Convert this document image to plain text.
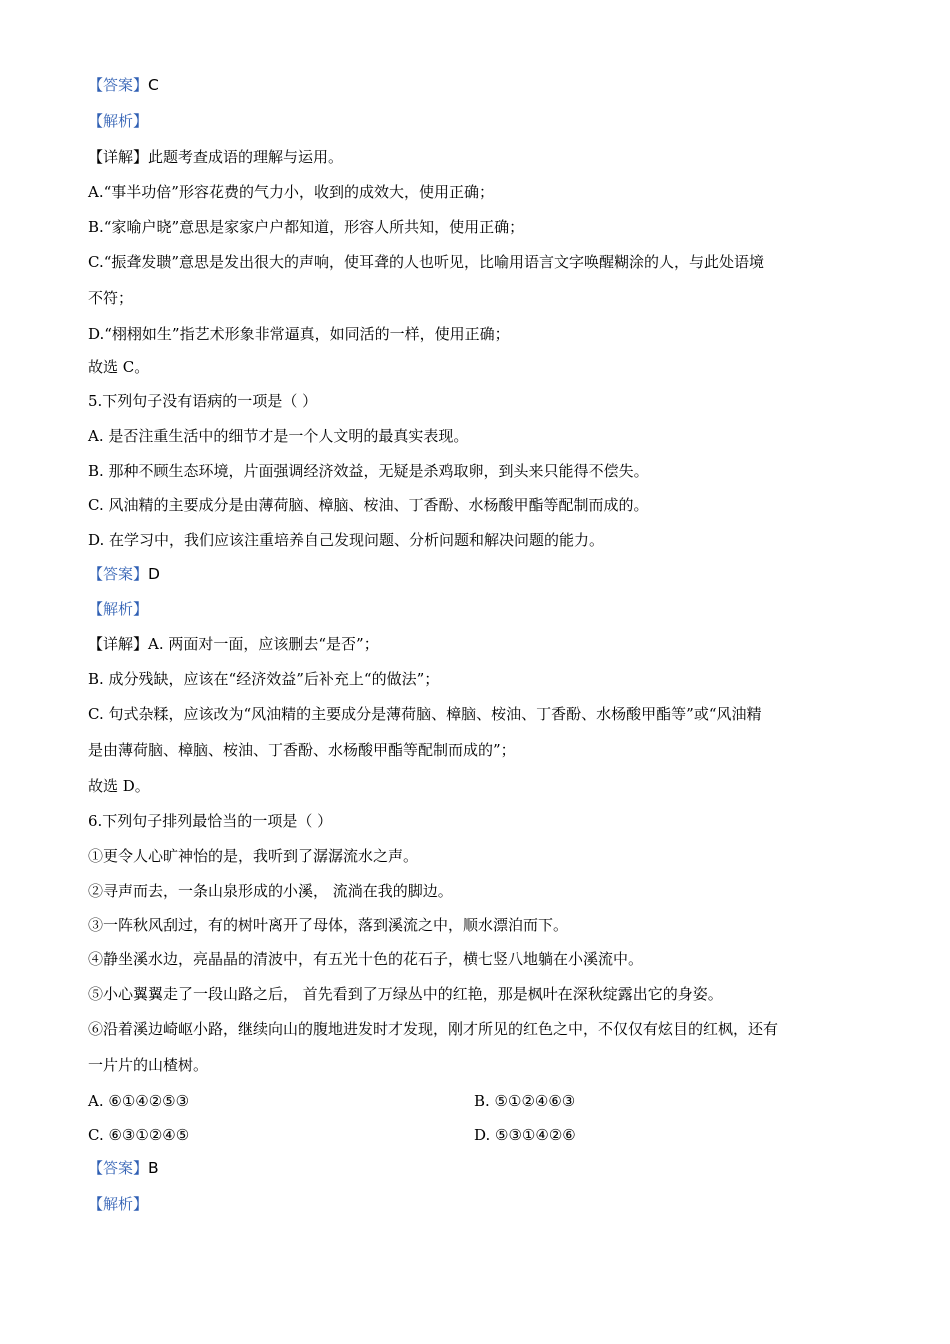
【答案】C
【解析】
【详解】此题考查成语的理解与运用。
A.“事半功倍”形容花费的气力小，收到的成效大，使用正确；
B.“家喻户晓”意思是家家户户都知道，形容人所共知，使用正确；
C.“振聋发聩”意思是发出很大的声响，使耳聋的人也听见，比喻用语言文字唤醒糊涂的人，与此处语境
不符；
D.“栩栩如生”指艺术形象非常逼真，如同活的一样，使用正确；
故选 C。
5.下列句子没有语病的一项是（ ）
A. 是否注重生活中的细节才是一个人文明的最真实表现。
B. 那种不顾生态环境，片面强调经济效益，无疑是杀鸡取卵，到头来只能得不偿失。
C. 风油精的主要成分是由薄荷脑、樟脑、桉油、丁香酚、水杨酸甲酯等配制而成的。
D. 在学习中，我们应该注重培养自己发现问题、分析问题和解决问题的能力。
【答案】D
【解析】
【详解】A. 两面对一面，应该删去“是否”；
B. 成分残缺，应该在“经济效益”后补充上“的做法”；
C. 句式杂糅，应该改为“风油精的主要成分是薄荷脑、樟脑、桉油、丁香酚、水杨酸甲酯等”或“风油精
是由薄荷脑、樟脑、桉油、丁香酚、水杨酸甲酯等配制而成的”；
故选 D。
6.下列句子排列最恰当的一项是（ ）
①更令人心旷神怡的是，我听到了潺潺流水之声。
②寻声而去，一条山泉形成的小溪， 流淌在我的脚边。
③一阵秋风刮过，有的树叶离开了母体，落到溪流之中，顺水漂泊而下。
④静坐溪水边，亮晶晶的清波中，有五光十色的花石子，横七竖八地躺在小溪流中。
⑤小心翼翼走了一段山路之后， 首先看到了万绿丛中的红艳，那是枫叶在深秋绽露出它的身姿。
⑥沿着溪边崎岖小路，继续向山的腹地进发时才发现，刚才所见的红色之中，不仅仅有炫目的红枫，还有
一片片的山楂树。
A. ⑥①④②⑤③	B. ⑤①②④⑥③
C. ⑥③①②④⑤	D. ⑤③①④②⑥
【答案】B
【解析】
